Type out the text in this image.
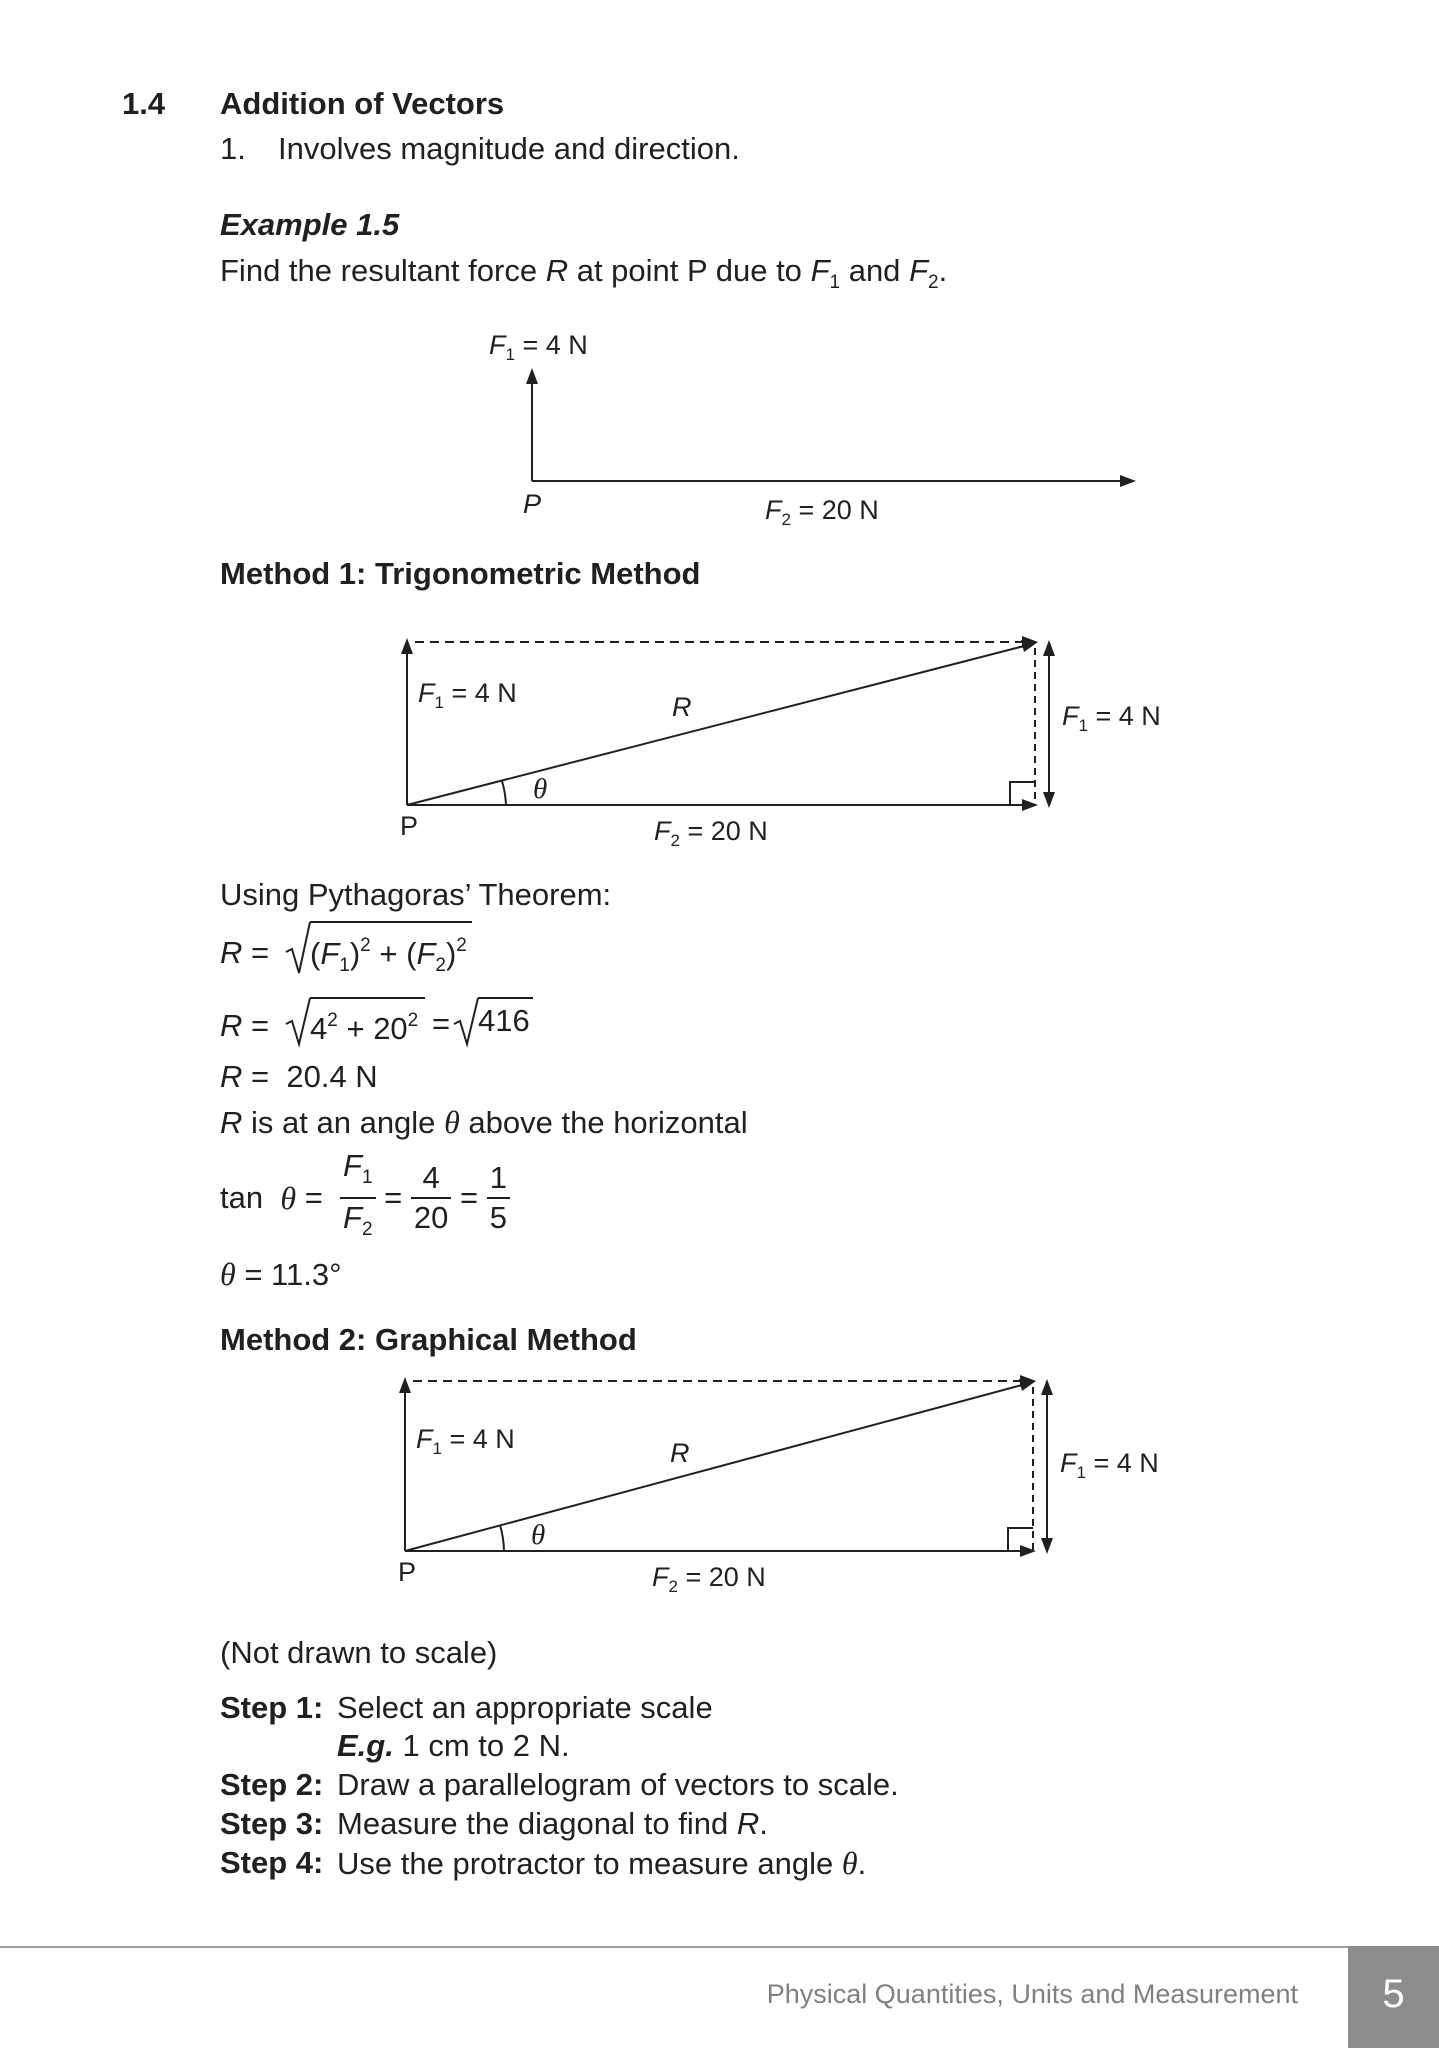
1.4 Addition of Vectors
1. Involves magnitude and direction.
Example 1.5
Find the resultant force R at point P due to $F_1$ and $F_2$.
$F_1 = 4$ N
P	$F_2 = 20$ N
Method 1: Trigonometric Method
$F_1 = 4$ N	R
θ
P	$F_2 = 20$ N
$F_1 = 4$ N
Using Pythagoras’ Theorem:
$R = (F_1)^2 + (F_2)^2$
$R = 4^2 + 20^2 = 416$
R = 20.4 N
R is at an angle θ above the horizontal
$\tan \theta = \frac{F_1}{F_2} = \frac{4}{20} = \frac{1}{5}$
θ = 11.3°
Method 2: Graphical Method
$F_1 = 4$ N	R
θ
P	$F_2 = 20$ N
$F_1 = 4$ N
(Not drawn to scale)
Step 1: Select an appropriate scale
E.g. 1 cm to 2 N.
Step 2: Draw a parallelogram of vectors to scale.
Step 3: Measure the diagonal to find R.
Step 4: Use the protractor to measure angle θ.
Physical Quantities, Units and Measurement	5
